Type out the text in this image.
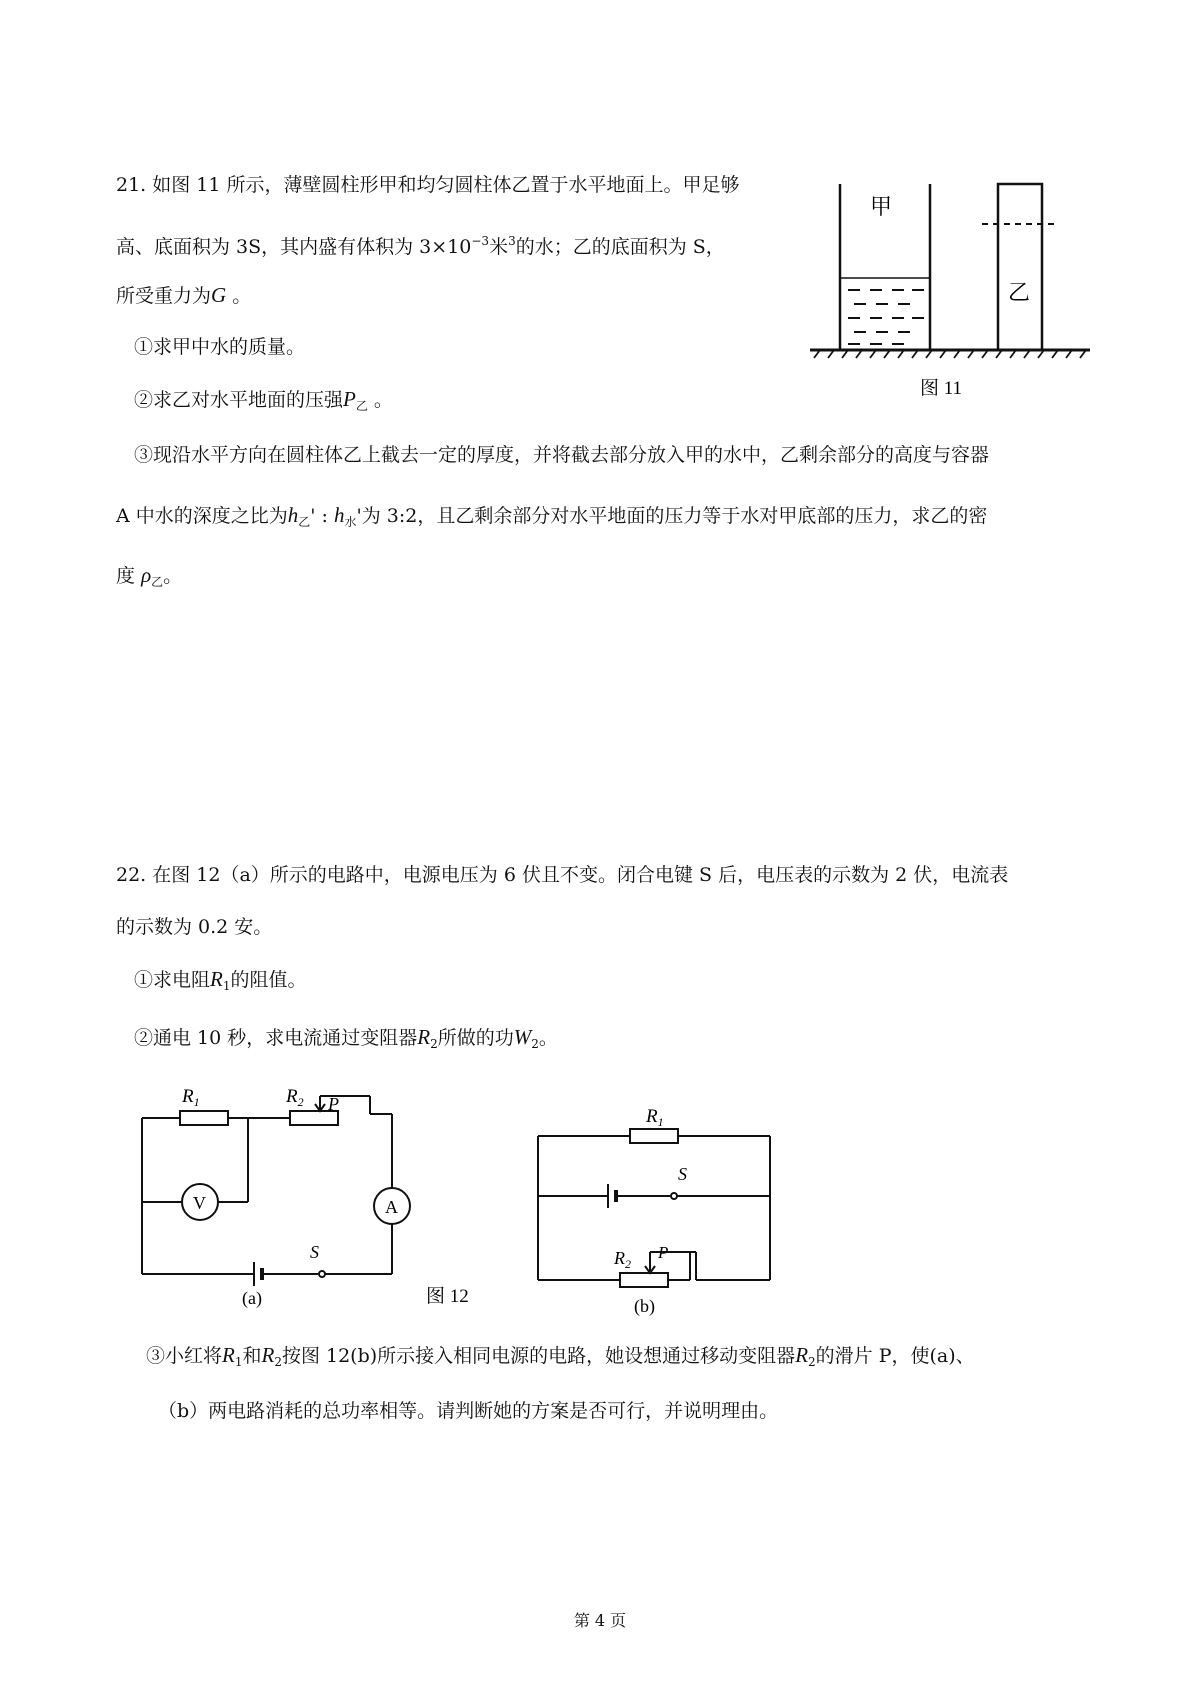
21. 如图 11 所示，薄壁圆柱形甲和均匀圆柱体乙置于水平地面上。甲足够
高、底面积为 3S，其内盛有体积为 $3\times 10^{-3}$米$^3$的水；乙的底面积为 S，
所受重力为G 。
①求甲中水的质量。
②求乙对水平地面的压强$P_乙$ 。
③现沿水平方向在圆柱体乙上截去一定的厚度，并将截去部分放入甲的水中，乙剩余部分的高度与容器
A 中水的深度之比为$h_乙'$ : $h_水'$为 3:2，且乙剩余部分对水平地面的压力等于水对甲底部的压力，求乙的密
度 $\rho_乙$。
甲
乙
图 11
22. 在图 12（a）所示的电路中，电源电压为 6 伏且不变。闭合电键 S 后，电压表的示数为 2 伏，电流表
的示数为 0.2 安。
①求电阻$R_1$的阻值。
②通电 10 秒，求电流通过变阻器$R_2$所做的功$W_2$。
$R_1$	$R_2$ P
V	A
S
(a)	图 12
$R_1$
S
$R_2$
P
(b)
③小红将$R_1$和$R_2$按图 12(b)所示接入相同电源的电路，她设想通过移动变阻器$R_2$的滑片 P，使(a)、
（b）两电路消耗的总功率相等。请判断她的方案是否可行，并说明理由。
第 4 页
